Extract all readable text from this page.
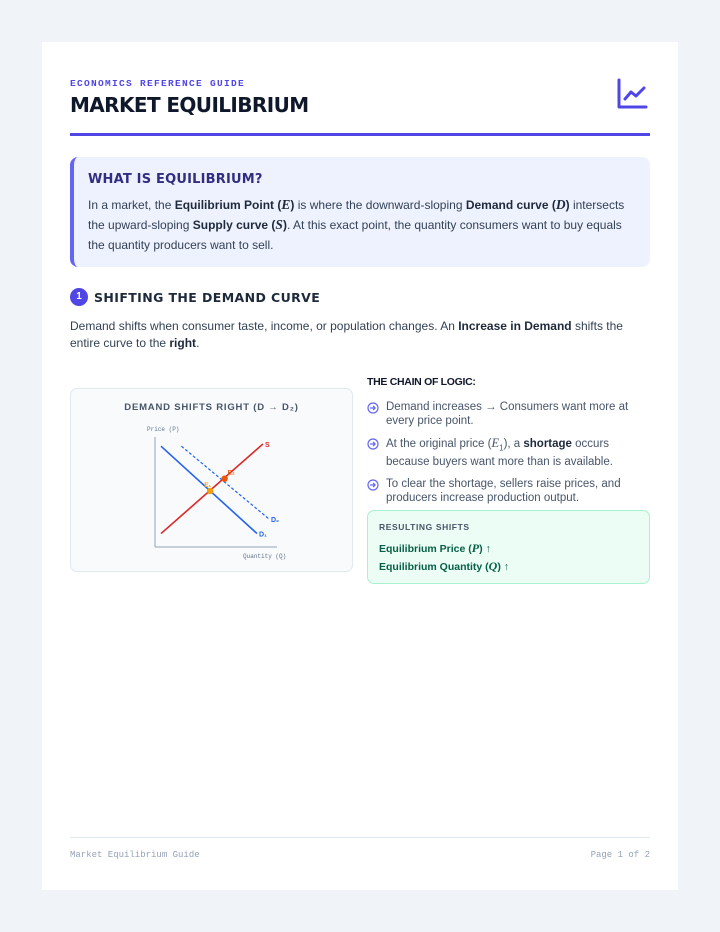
ECONOMICS REFERENCE GUIDE
MARKET EQUILIBRIUM
WHAT IS EQUILIBRIUM?

In a market, the Equilibrium Point (E) is where the downward-sloping Demand curve (D) intersects the upward-sloping Supply curve (S). At this exact point, the quantity consumers want to buy equals the quantity producers want to sell.

1 SHIFTING THE DEMAND CURVE
Demand shifts when consumer taste, income, or population changes. An Increase in Demand shifts the entire curve to the right.
DEMAND SHIFTS RIGHT (D → D₂)
Price (P)
Quantity (Q)
S
D₁
D₂
E₁
E₂
THE CHAIN OF LOGIC:
Demand increases → Consumers want more at every price point.
At the original price $(E_1)$, a shortage occurs because buyers want more than is available.
To clear the shortage, sellers raise prices, and producers increase production output.
RESULTING SHIFTS
Equilibrium Price (P) ↑
Equilibrium Quantity (Q) ↑
Market Equilibrium Guide	Page 1 of 2
